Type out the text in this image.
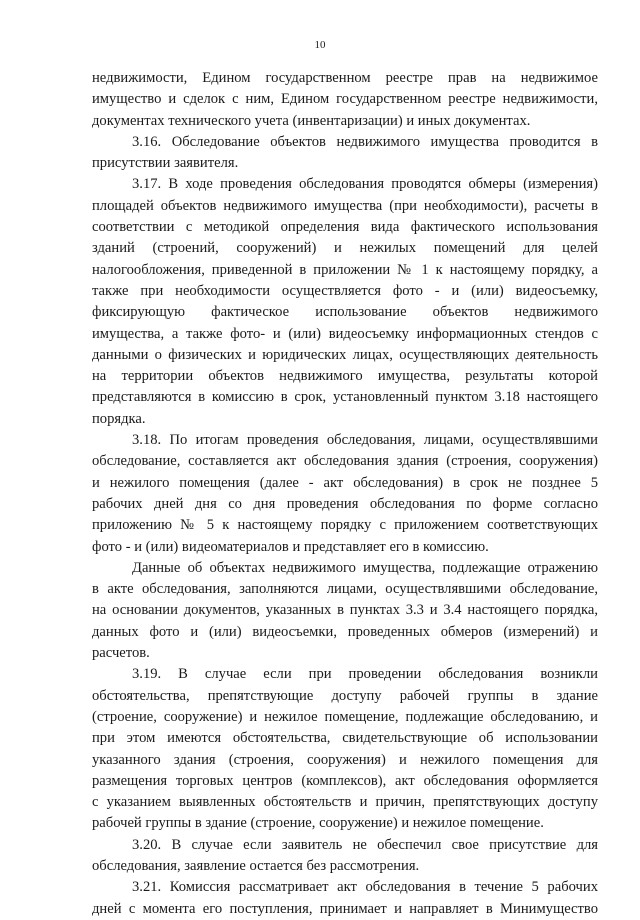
10
недвижимости, Едином государственном реестре прав на недвижимое
имущество и сделок с ним, Едином государственном реестре недвижимости,
документах технического учета (инвентаризации) и иных документах.
3.16. Обследование объектов недвижимого имущества проводится в
присутствии заявителя.
3.17. В ходе проведения обследования проводятся обмеры (измерения)
площадей объектов недвижимого имущества (при необходимости), расчеты в
соответствии с методикой определения вида фактического использования
зданий (строений, сооружений) и нежилых помещений для целей
налогообложения, приведенной в приложении № 1 к настоящему порядку, а
также при необходимости осуществляется фото - и (или) видеосъемку,
фиксирующую фактическое использование объектов недвижимого
имущества, а также фото- и (или) видеосъемку информационных стендов с
данными о физических и юридических лицах, осуществляющих деятельность
на территории объектов недвижимого имущества, результаты которой
представляются в комиссию в срок, установленный пунктом 3.18 настоящего
порядка.
3.18. По итогам проведения обследования, лицами, осуществлявшими
обследование, составляется акт обследования здания (строения, сооружения)
и нежилого помещения (далее - акт обследования) в срок не позднее 5
рабочих дней дня со дня проведения обследования по форме согласно
приложению № 5 к настоящему порядку с приложением соответствующих
фото - и (или) видеоматериалов и представляет его в комиссию.
Данные об объектах недвижимого имущества, подлежащие отражению
в акте обследования, заполняются лицами, осуществлявшими обследование,
на основании документов, указанных в пунктах 3.3 и 3.4 настоящего порядка,
данных фото и (или) видеосъемки, проведенных обмеров (измерений) и
расчетов.
3.19. В случае если при проведении обследования возникли
обстоятельства, препятствующие доступу рабочей группы в здание
(строение, сооружение) и нежилое помещение, подлежащие обследованию, и
при этом имеются обстоятельства, свидетельствующие об использовании
указанного здания (строения, сооружения) и нежилого помещения для
размещения торговых центров (комплексов), акт обследования оформляется
с указанием выявленных обстоятельств и причин, препятствующих доступу
рабочей группы в здание (строение, сооружение) и нежилое помещение.
3.20. В случае если заявитель не обеспечил свое присутствие для
обследования, заявление остается без рассмотрения.
3.21. Комиссия рассматривает акт обследования в течение 5 рабочих
дней с момента его поступления, принимает и направляет в Минимущество
